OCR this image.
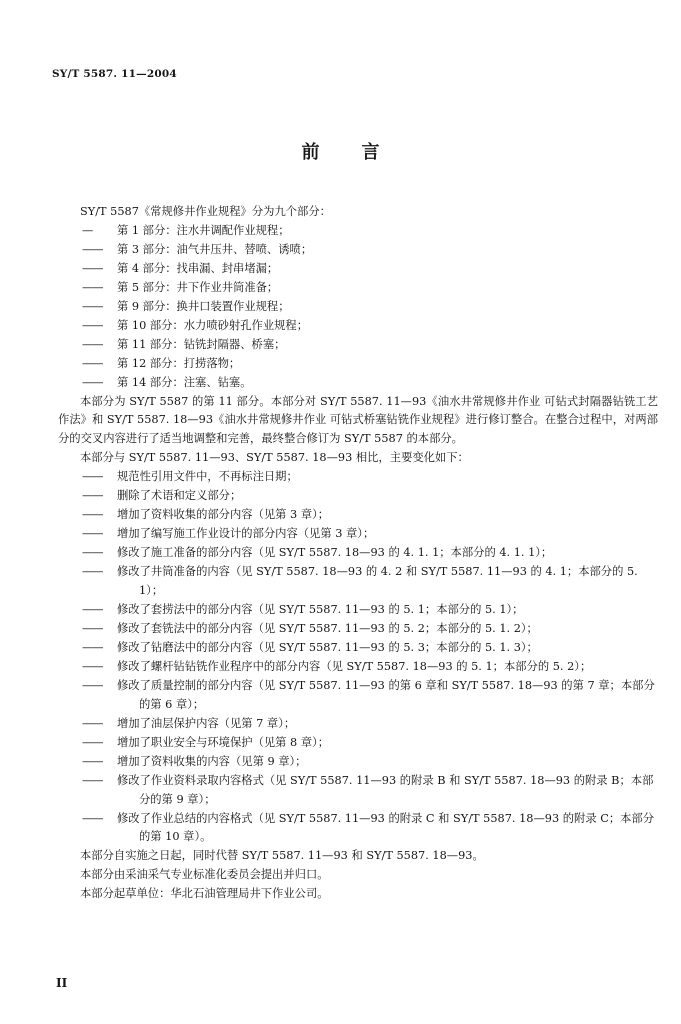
SY/T 5587. 11—2004
前 言
SY/T 5587《常规修井作业规程》分为九个部分：
— 第 1 部分：注水井调配作业规程；
—— 第 3 部分：油气井压井、替喷、诱喷；
—— 第 4 部分：找串漏、封串堵漏；
—— 第 5 部分：井下作业井筒准备；
—— 第 9 部分：换井口装置作业规程；
—— 第 10 部分：水力喷砂射孔作业规程；
—— 第 11 部分：钻铣封隔器、桥塞；
—— 第 12 部分：打捞落物；
—— 第 14 部分：注塞、钻塞。
本部分为 SY/T 5587 的第 11 部分。本部分对 SY/T 5587. 11—93《油水井常规修井作业 可钻式封隔器钻铣工艺作法》和 SY/T 5587. 18—93《油水井常规修井作业 可钻式桥塞钻铣作业规程》进行修订整合。在整合过程中，对两部分的交叉内容进行了适当地调整和完善，最终整合修订为 SY/T 5587 的本部分。
本部分与 SY/T 5587. 11—93、SY/T 5587. 18—93 相比，主要变化如下：
—— 规范性引用文件中，不再标注日期；
—— 删除了术语和定义部分；
—— 增加了资料收集的部分内容（见第 3 章）；
—— 增加了编写施工作业设计的部分内容（见第 3 章）；
—— 修改了施工准备的部分内容（见 SY/T 5587. 18—93 的 4. 1. 1；本部分的 4. 1. 1）；
—— 修改了井筒准备的内容（见 SY/T 5587. 18—93 的 4. 2 和 SY/T 5587. 11—93 的 4. 1；本部分的 5. 1）；
—— 修改了套捞法中的部分内容（见 SY/T 5587. 11—93 的 5. 1；本部分的 5. 1）；
—— 修改了套铣法中的部分内容（见 SY/T 5587. 11—93 的 5. 2；本部分的 5. 1. 2）；
—— 修改了钻磨法中的部分内容（见 SY/T 5587. 11—93 的 5. 3；本部分的 5. 1. 3）；
—— 修改了螺杆钻钻铣作业程序中的部分内容（见 SY/T 5587. 18—93 的 5. 1；本部分的 5. 2）；
—— 修改了质量控制的部分内容（见 SY/T 5587. 11—93 的第 6 章和 SY/T 5587. 18—93 的第 7 章；本部分的第 6 章）；
—— 增加了油层保护内容（见第 7 章）；
—— 增加了职业安全与环境保护（见第 8 章）；
—— 增加了资料收集的内容（见第 9 章）；
—— 修改了作业资料录取内容格式（见 SY/T 5587. 11—93 的附录 B 和 SY/T 5587. 18—93 的附录 B；本部分的第 9 章）；
—— 修改了作业总结的内容格式（见 SY/T 5587. 11—93 的附录 C 和 SY/T 5587. 18—93 的附录 C；本部分的第 10 章）。
本部分自实施之日起，同时代替 SY/T 5587. 11—93 和 SY/T 5587. 18—93。
本部分由采油采气专业标准化委员会提出并归口。
本部分起草单位：华北石油管理局井下作业公司。
II
